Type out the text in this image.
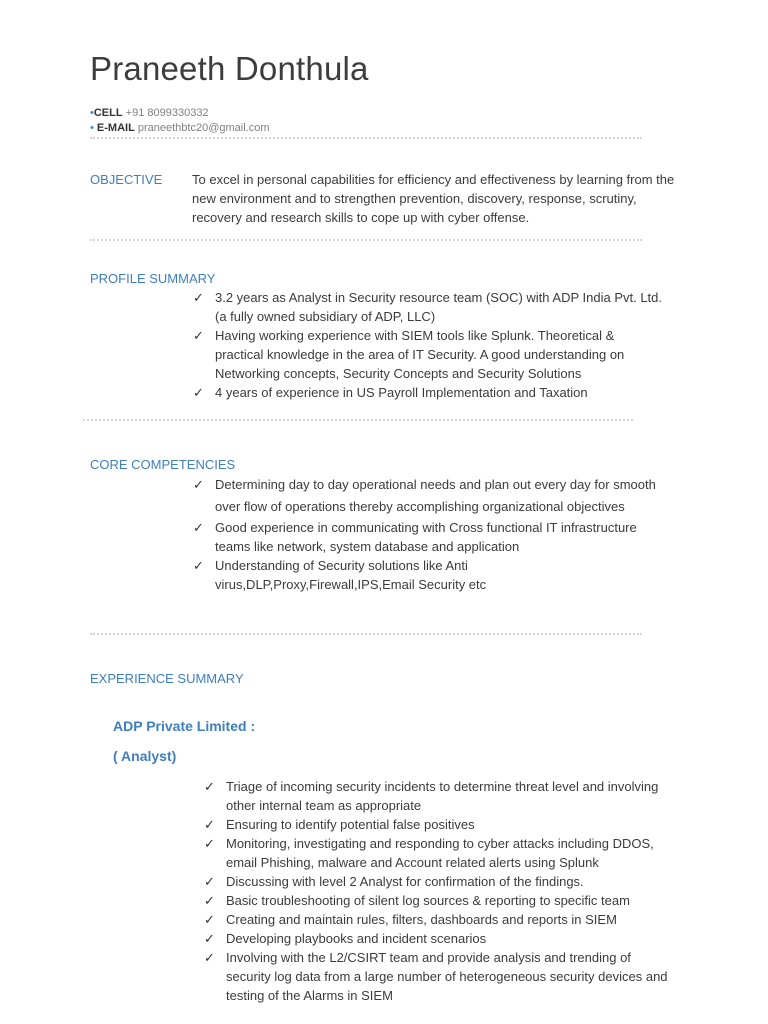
Praneeth Donthula
•CELL +91 8099330332
• E-MAIL praneethbtc20@gmail.com
OBJECTIVE To excel in personal capabilities for efficiency and effectiveness by learning from the new environment and to strengthen prevention, discovery, response, scrutiny, recovery and research skills to cope up with cyber offense.
PROFILE SUMMARY
✓ 3.2 years as Analyst in Security resource team (SOC) with ADP India Pvt. Ltd. (a fully owned subsidiary of ADP, LLC)
✓ Having working experience with SIEM tools like Splunk. Theoretical & practical knowledge in the area of IT Security. A good understanding on Networking concepts, Security Concepts and Security Solutions
✓ 4 years of experience in US Payroll Implementation and Taxation
CORE COMPETENCIES
✓ Determining day to day operational needs and plan out every day for smooth over flow of operations thereby accomplishing organizational objectives
✓ Good experience in communicating with Cross functional IT infrastructure teams like network, system database and application
✓ Understanding of Security solutions like Anti virus,DLP,Proxy,Firewall,IPS,Email Security etc
EXPERIENCE SUMMARY
ADP Private Limited :
( Analyst)
✓ Triage of incoming security incidents to determine threat level and involving other internal team as appropriate
✓ Ensuring to identify potential false positives
✓ Monitoring, investigating and responding to cyber attacks including DDOS, email Phishing, malware and Account related alerts using Splunk
✓ Discussing with level 2 Analyst for confirmation of the findings.
✓ Basic troubleshooting of silent log sources & reporting to specific team
✓ Creating and maintain rules, filters, dashboards and reports in SIEM
✓ Developing playbooks and incident scenarios
✓ Involving with the L2/CSIRT team and provide analysis and trending of security log data from a large number of heterogeneous security devices and testing of the Alarms in SIEM
